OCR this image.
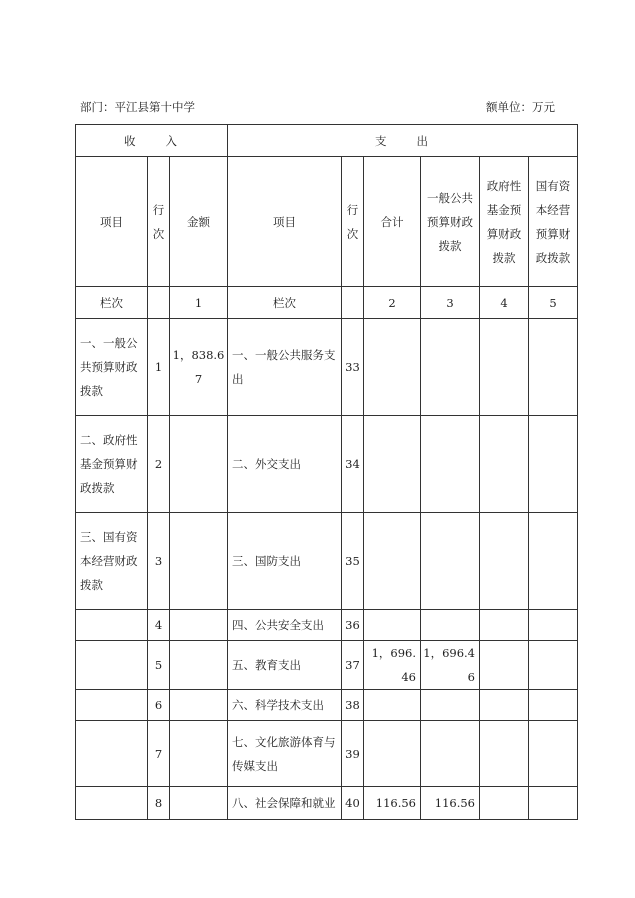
部门：平江县第十中学	额单位：万元
收 入			支 出					
项目	行次	金额	项目	行次	合计	一般公共预算财政拨款	政府性基金预算财政拨款	国有资本经营预算财政拨款
栏次		1	栏次		2	3	4	5
一、一般公共预算财政拨款	1	1，838.67	一、一般公共服务支出	33				
二、政府性基金预算财政拨款	2		二、外交支出	34				
三、国有资本经营财政拨款	3		三、国防支出	35				
	4		四、公共安全支出	36				
	5		五、教育支出	37	1，696.46	1，696.46		
	6		六、科学技术支出	38				
	7		七、文化旅游体育与传媒支出	39				
	8		八、社会保障和就业	40	116.56	116.56		
